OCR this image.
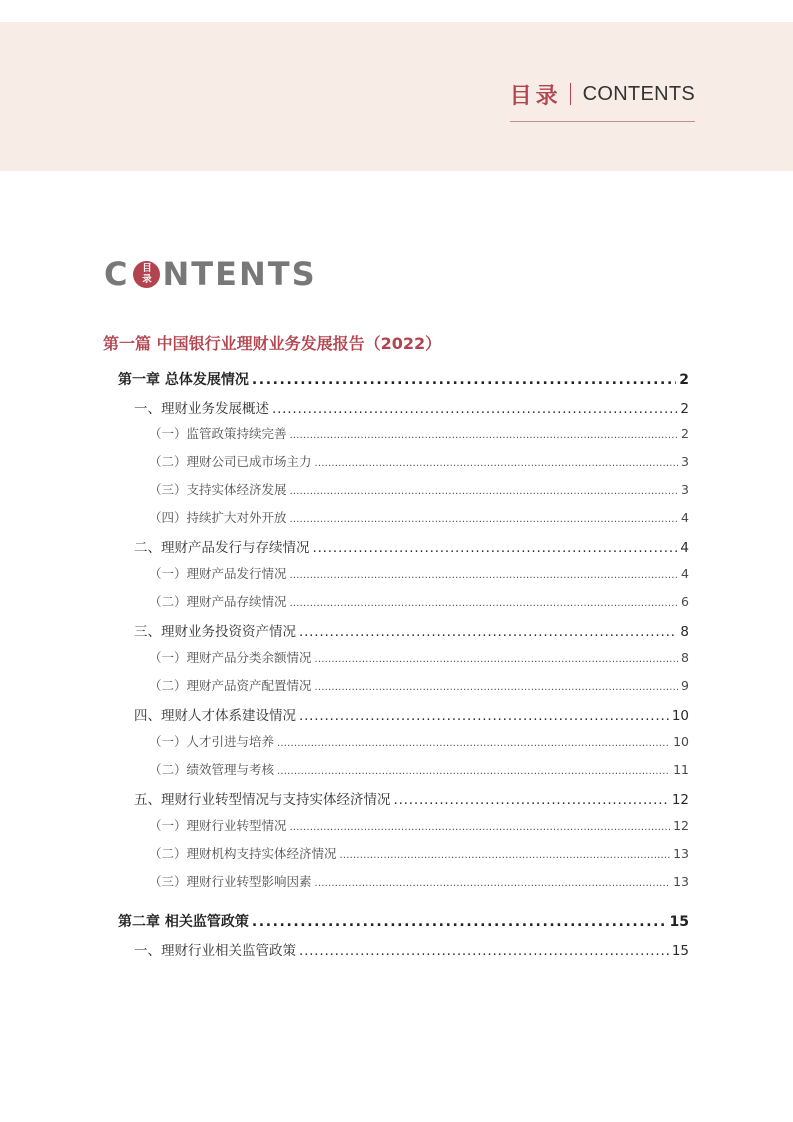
目录 CONTENTS
C 目
录 NTENTS
第一篇 中国银行业理财业务发展报告（2022）
第一章 总体发展情况 .....	2
一、理财业务发展概述 .....	2
（一）监管政策持续完善 .....	2
（二）理财公司已成市场主力 .....	3
（三）支持实体经济发展 .....	3
（四）持续扩大对外开放 .....	4
二、理财产品发行与存续情况 .....	4
（一）理财产品发行情况 .....	4
（二）理财产品存续情况 .....	6
三、理财业务投资资产情况 .....	8
（一）理财产品分类余额情况 .....	8
（二）理财产品资产配置情况 .....	9
四、理财人才体系建设情况 .....	10
（一）人才引进与培养 .....	10
（二）绩效管理与考核 .....	11
五、理财行业转型情况与支持实体经济情况 .....	12
（一）理财行业转型情况 .....	12
（二）理财机构支持实体经济情况 .....	13
（三）理财行业转型影响因素 .....	13
第二章 相关监管政策 .....	15
一、理财行业相关监管政策 .....	15
